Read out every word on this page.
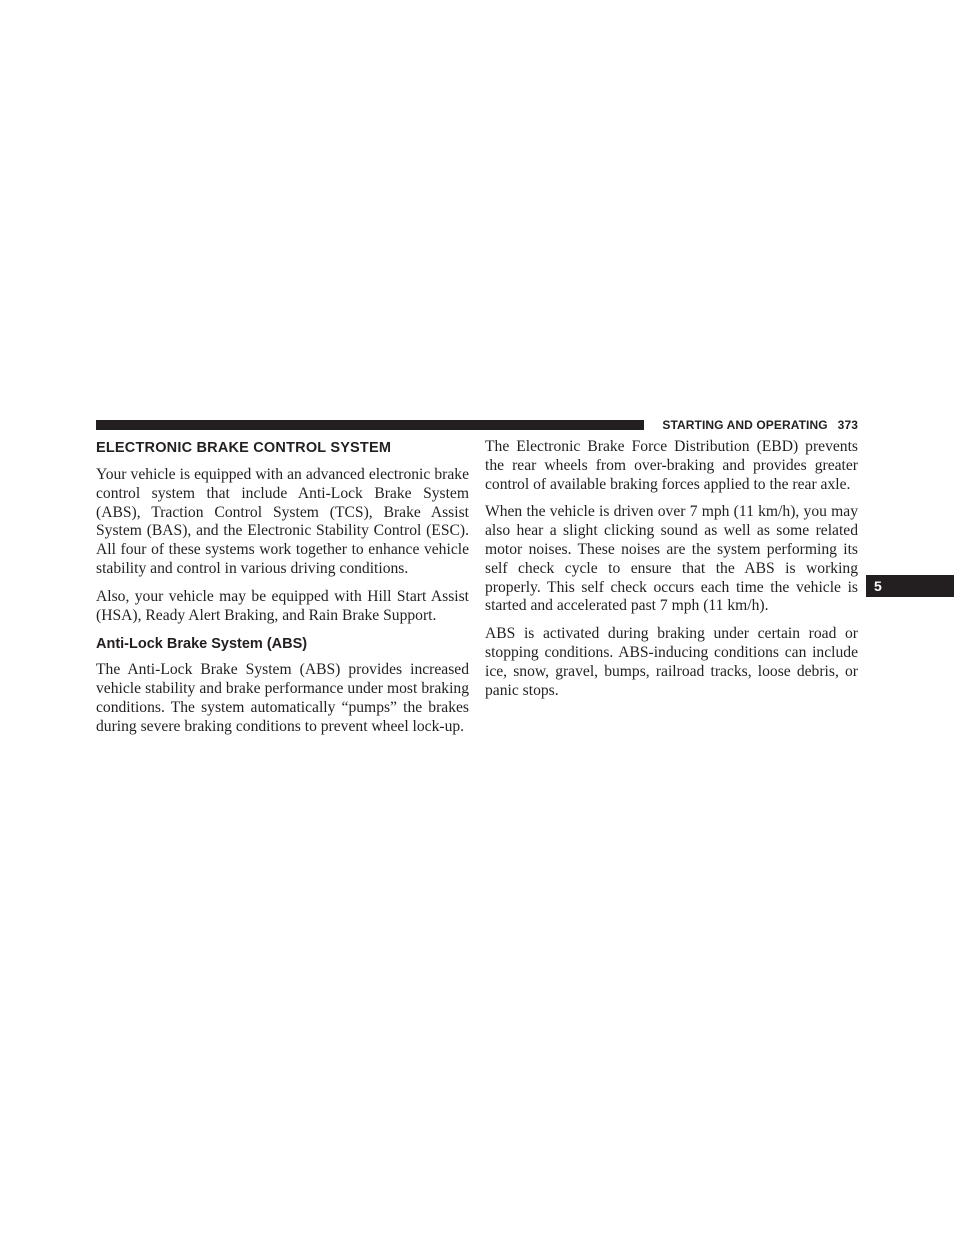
STARTING AND OPERATING 373
5
ELECTRONIC BRAKE CONTROL SYSTEM

Your vehicle is equipped with an advanced electronic brake control system that include Anti-Lock Brake System (ABS), Traction Control System (TCS), Brake Assist System (BAS), and the Electronic Stability Control (ESC). All four of these systems work together to enhance vehicle stability and control in various driving conditions.

Also, your vehicle may be equipped with Hill Start Assist (HSA), Ready Alert Braking, and Rain Brake Support.

Anti-Lock Brake System (ABS)

The Anti-Lock Brake System (ABS) provides increased vehicle stability and brake performance under most braking conditions. The system automatically “pumps” the brakes during severe braking conditions to prevent wheel lock-up.

The Electronic Brake Force Distribution (EBD) prevents the rear wheels from over-braking and provides greater control of available braking forces applied to the rear axle.

When the vehicle is driven over 7 mph (11 km/h), you may also hear a slight clicking sound as well as some related motor noises. These noises are the system performing its self check cycle to ensure that the ABS is working properly. This self check occurs each time the vehicle is started and accelerated past 7 mph (11 km/h).

ABS is activated during braking under certain road or stopping conditions. ABS-inducing conditions can include ice, snow, gravel, bumps, railroad tracks, loose debris, or panic stops.
